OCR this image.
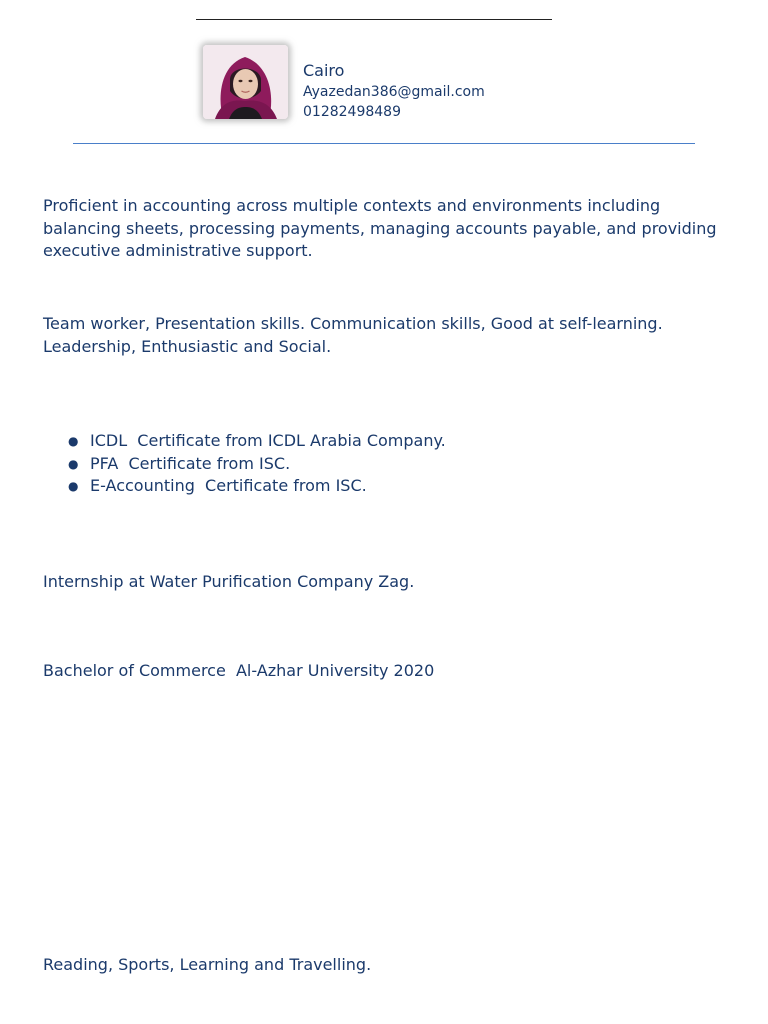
Cairo
Ayazedan386@gmail.com
01282498489

Proficient in accounting across multiple contexts and environments including balancing sheets, processing payments, managing accounts payable, and providing executive administrative support.

Team worker, Presentation skills. Communication skills, Good at self-learning. Leadership, Enthusiastic and Social.

● ICDL  Certificate from ICDL Arabia Company.
● PFA  Certificate from ISC.
● E-Accounting  Certificate from ISC.

Internship at Water Purification Company Zag.

Bachelor of Commerce  Al-Azhar University 2020

Reading, Sports, Learning and Travelling.
